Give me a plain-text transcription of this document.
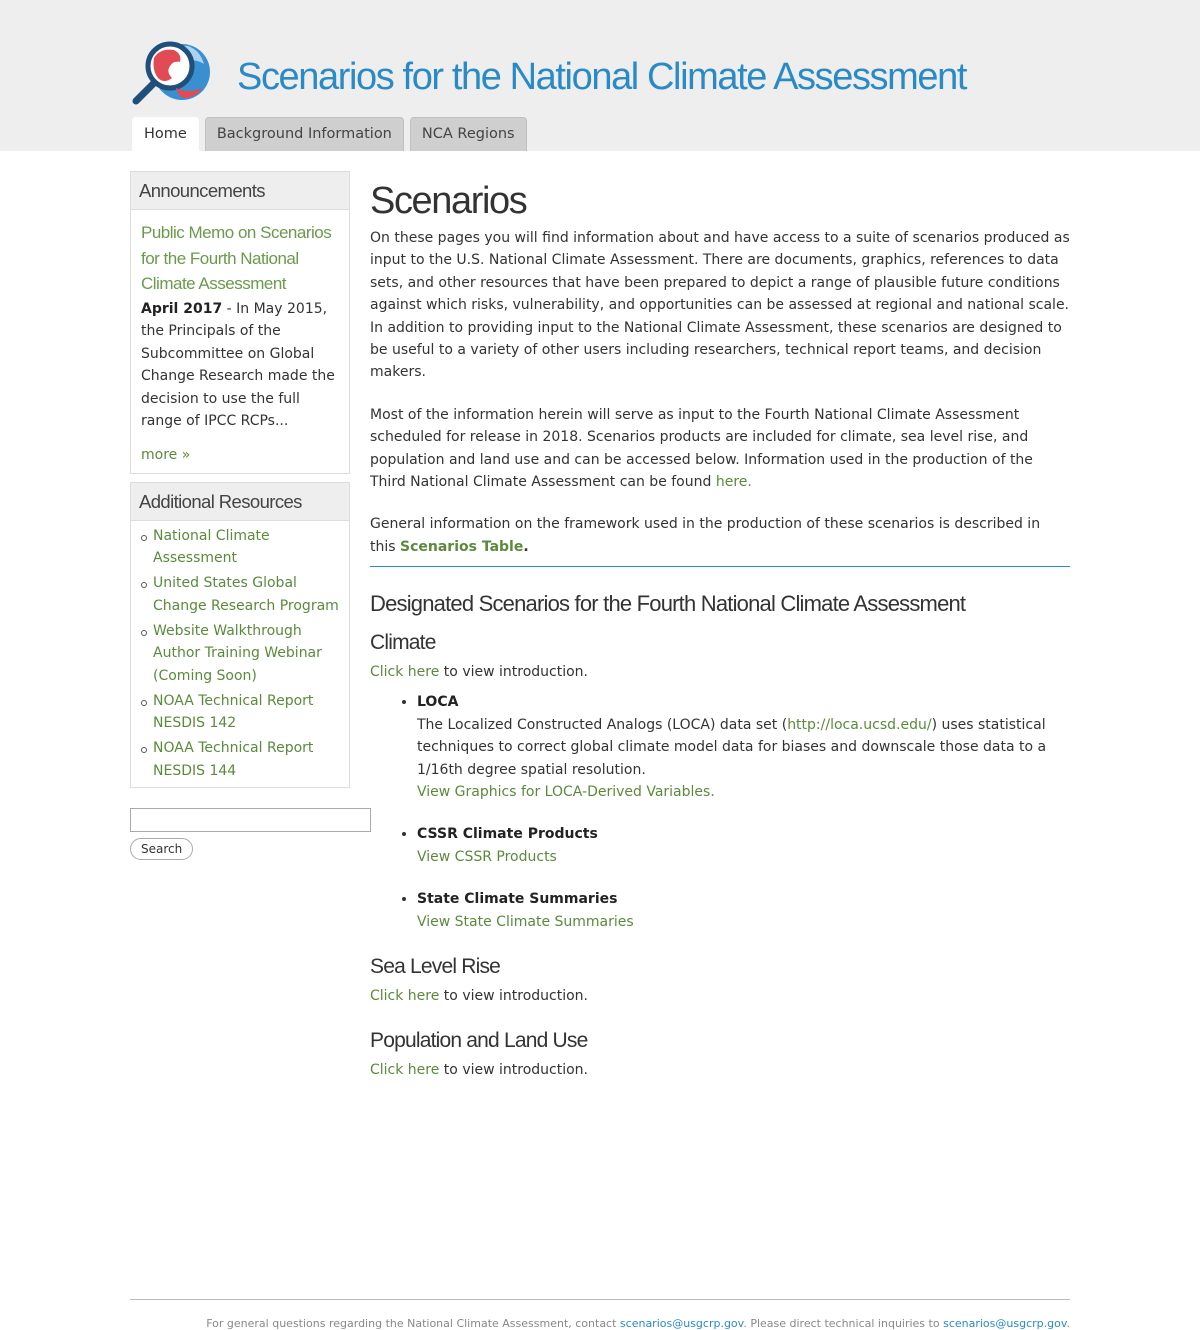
Scenarios for the National Climate Assessment
Home	Background Information	NCA Regions
Announcements
Public Memo on Scenarios for the Fourth National Climate Assessment
April 2017 - In May 2015, the Principals of the Subcommittee on Global Change Research made the decision to use the full range of IPCC RCPs...
more »
Additional Resources
National Climate Assessment
United States Global Change Research Program
Website Walkthrough Author Training Webinar (Coming Soon)
NOAA Technical Report NESDIS 142
NOAA Technical Report NESDIS 144
Search
Scenarios

On these pages you will find information about and have access to a suite of scenarios produced as input to the U.S. National Climate Assessment. There are documents, graphics, references to data sets, and other resources that have been prepared to depict a range of plausible future conditions against which risks, vulnerability, and opportunities can be assessed at regional and national scale. In addition to providing input to the National Climate Assessment, these scenarios are designed to be useful to a variety of other users including researchers, technical report teams, and decision makers.

Most of the information herein will serve as input to the Fourth National Climate Assessment scheduled for release in 2018. Scenarios products are included for climate, sea level rise, and population and land use and can be accessed below. Information used in the production of the Third National Climate Assessment can be found here.

General information on the framework used in the production of these scenarios is described in this Scenarios Table.

Designated Scenarios for the Fourth National Climate Assessment
Climate
Click here to view introduction.
• LOCA
The Localized Constructed Analogs (LOCA) data set (http://loca.ucsd.edu/) uses statistical techniques to correct global climate model data for biases and downscale those data to a 1/16th degree spatial resolution.
View Graphics for LOCA-Derived Variables.
• CSSR Climate Products
View CSSR Products
• State Climate Summaries
View State Climate Summaries
Sea Level Rise
Click here to view introduction.
Population and Land Use
Click here to view introduction.
For general questions regarding the National Climate Assessment, contact scenarios@usgcrp.gov. Please direct technical inquiries to scenarios@usgcrp.gov.
